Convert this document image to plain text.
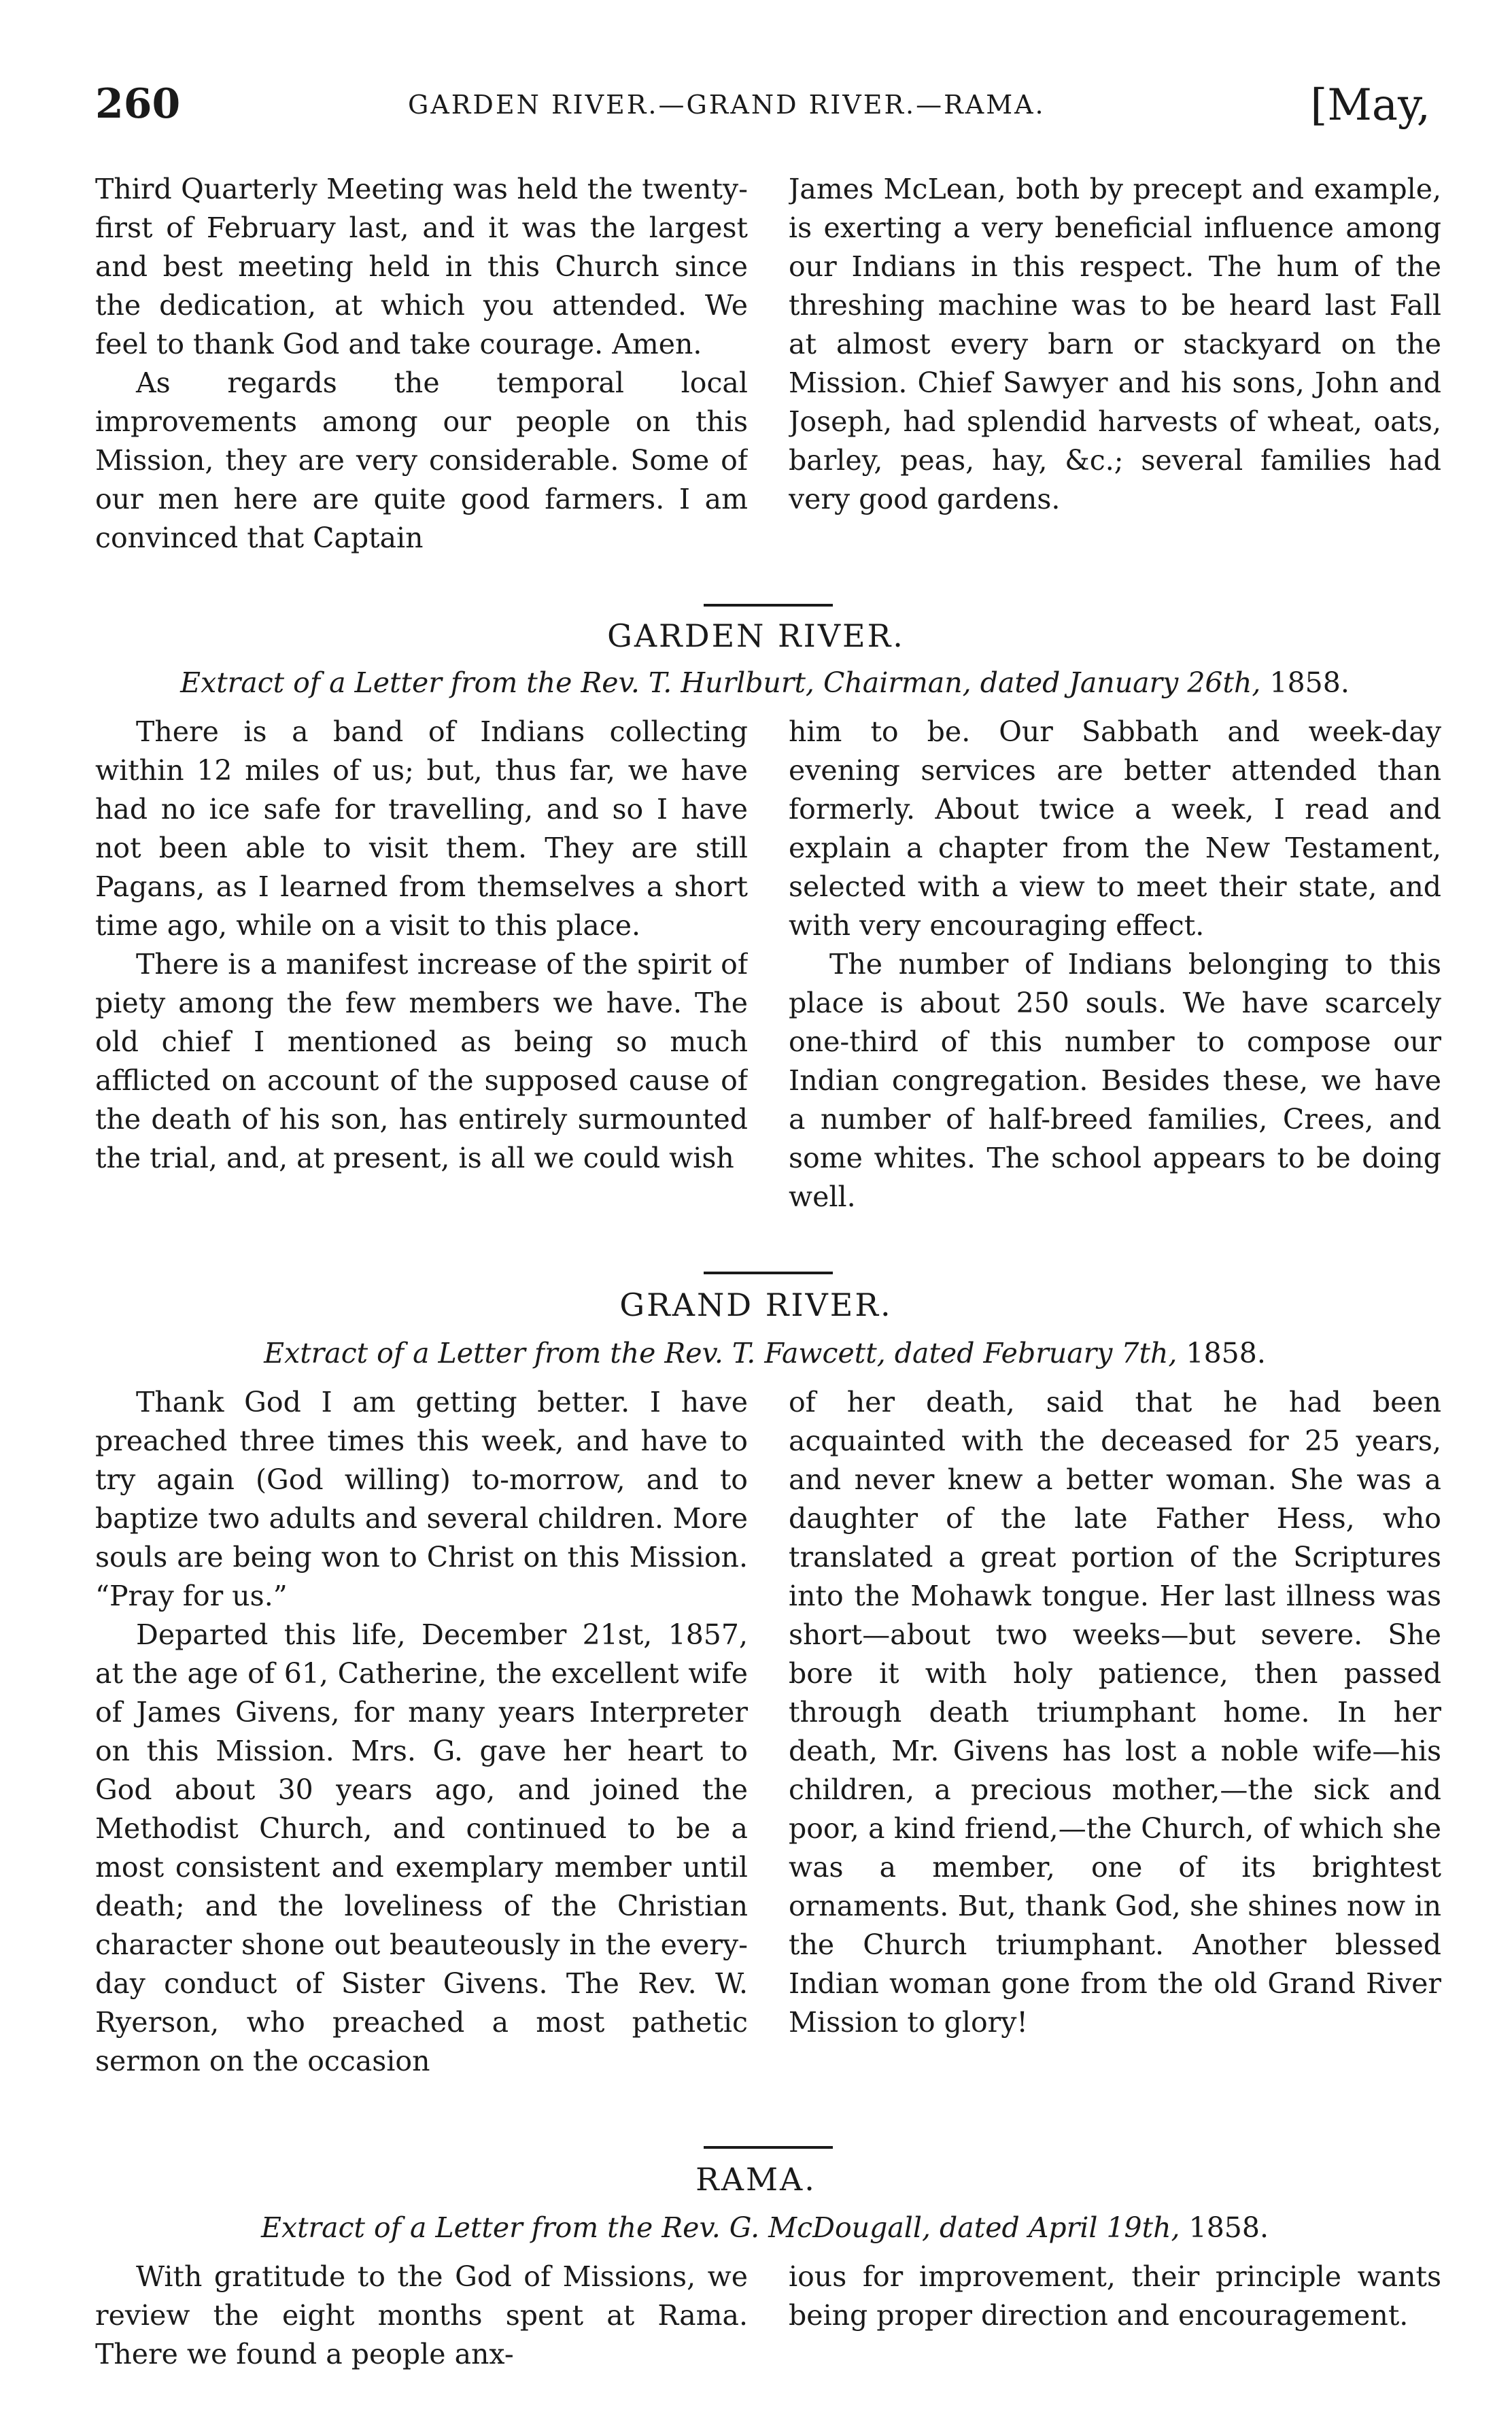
260	GARDEN RIVER.—GRAND RIVER.—RAMA.	[May,

Third Quarterly Meeting was held the twenty-first of February last, and it was the largest and best meeting held in this Church since the dedication, at which you attended. We feel to thank God and take courage. Amen.

As regards the temporal local improvements among our people on this Mission, they are very considerable. Some of our men here are quite good farmers. I am convinced that Captain

James McLean, both by precept and example, is exerting a very beneficial influence among our Indians in this respect. The hum of the threshing machine was to be heard last Fall at almost every barn or stackyard on the Mission. Chief Sawyer and his sons, John and Joseph, had splendid harvests of wheat, oats, barley, peas, hay, &c.; several families had very good gardens.

GARDEN RIVER.
Extract of a Letter from the Rev. T. Hurlburt, Chairman, dated January 26th, 1858.

There is a band of Indians collecting within 12 miles of us; but, thus far, we have had no ice safe for travelling, and so I have not been able to visit them. They are still Pagans, as I learned from themselves a short time ago, while on a visit to this place.

There is a manifest increase of the spirit of piety among the few members we have. The old chief I mentioned as being so much afflicted on account of the supposed cause of the death of his son, has entirely surmounted the trial, and, at present, is all we could wish

him to be. Our Sabbath and week-day evening services are better attended than formerly. About twice a week, I read and explain a chapter from the New Testament, selected with a view to meet their state, and with very encouraging effect.

The number of Indians belonging to this place is about 250 souls. We have scarcely one-third of this number to compose our Indian congregation. Besides these, we have a number of half-breed families, Crees, and some whites. The school appears to be doing well.

GRAND RIVER.
Extract of a Letter from the Rev. T. Fawcett, dated February 7th, 1858.

Thank God I am getting better. I have preached three times this week, and have to try again (God willing) to-morrow, and to baptize two adults and several children. More souls are being won to Christ on this Mission. “Pray for us.”

Departed this life, December 21st, 1857, at the age of 61, Catherine, the excellent wife of James Givens, for many years Interpreter on this Mission. Mrs. G. gave her heart to God about 30 years ago, and joined the Methodist Church, and continued to be a most consistent and exemplary member until death; and the loveliness of the Christian character shone out beauteously in the every-day conduct of Sister Givens. The Rev. W. Ryerson, who preached a most pathetic sermon on the occasion

of her death, said that he had been acquainted with the deceased for 25 years, and never knew a better woman. She was a daughter of the late Father Hess, who translated a great portion of the Scriptures into the Mohawk tongue. Her last illness was short—about two weeks—but severe. She bore it with holy patience, then passed through death triumphant home. In her death, Mr. Givens has lost a noble wife—his children, a precious mother,—the sick and poor, a kind friend,—the Church, of which she was a member, one of its brightest ornaments. But, thank God, she shines now in the Church triumphant. Another blessed Indian woman gone from the old Grand River Mission to glory!

RAMA.
Extract of a Letter from the Rev. G. McDougall, dated April 19th, 1858.

With gratitude to the God of Missions, we review the eight months spent at Rama. There we found a people anx-

ious for improvement, their principle wants being proper direction and encouragement.
